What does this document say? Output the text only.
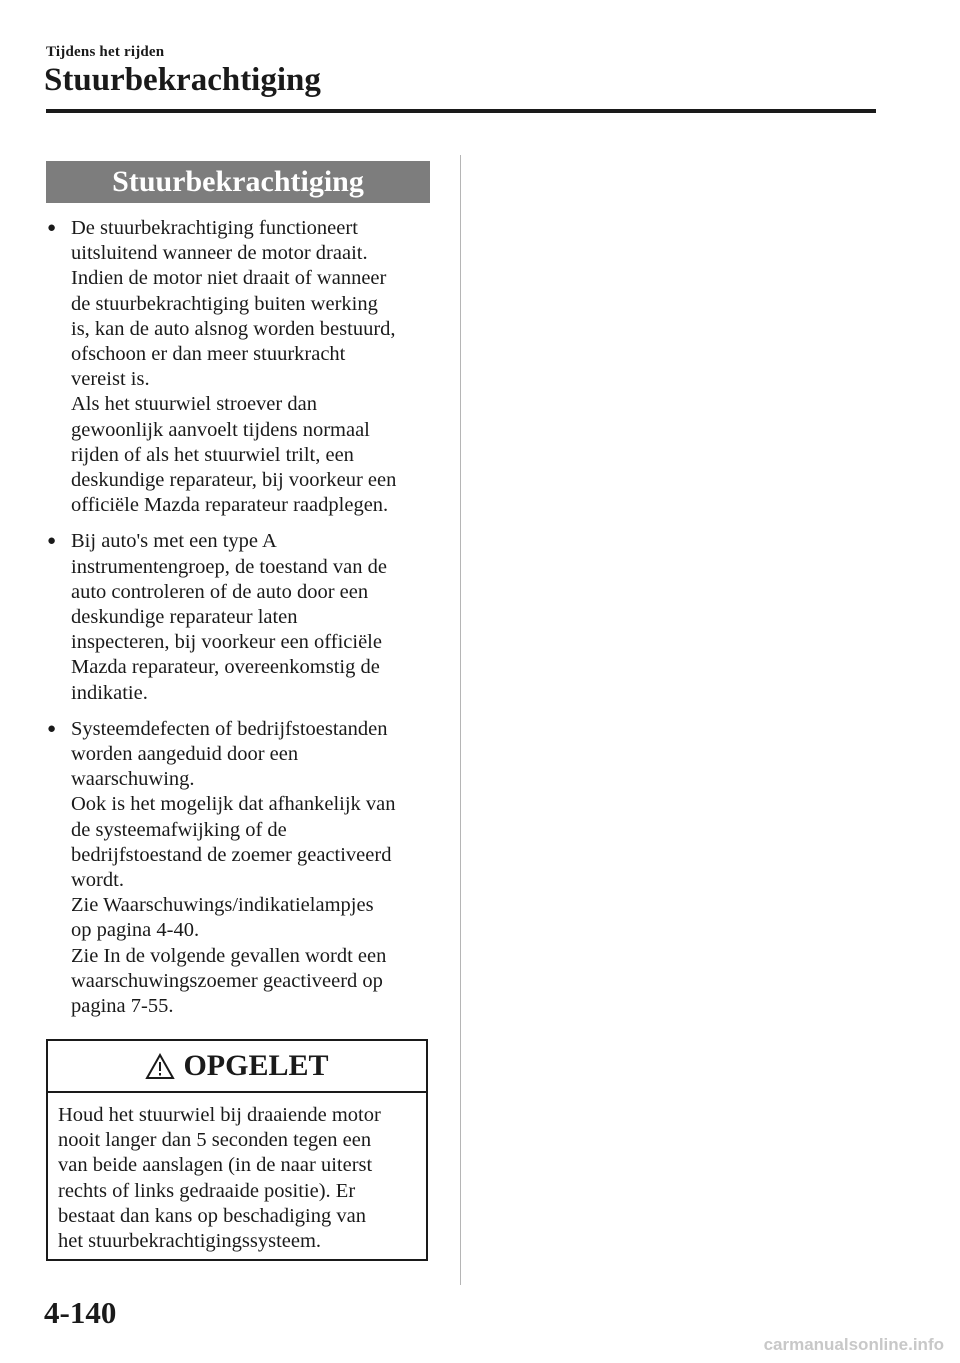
Tijdens het rijden
Stuurbekrachtiging
Stuurbekrachtiging
● De stuurbekrachtiging functioneert
uitsluitend wanneer de motor draait.
Indien de motor niet draait of wanneer
de stuurbekrachtiging buiten werking
is, kan de auto alsnog worden bestuurd,
ofschoon er dan meer stuurkracht
vereist is.
Als het stuurwiel stroever dan
gewoonlijk aanvoelt tijdens normaal
rijden of als het stuurwiel trilt, een
deskundige reparateur, bij voorkeur een
officiële Mazda reparateur raadplegen.
● Bij auto's met een type A
instrumentengroep, de toestand van de
auto controleren of de auto door een
deskundige reparateur laten
inspecteren, bij voorkeur een officiële
Mazda reparateur, overeenkomstig de
indikatie.
● Systeemdefecten of bedrijfstoestanden
worden aangeduid door een
waarschuwing.
Ook is het mogelijk dat afhankelijk van
de systeemafwijking of de
bedrijfstoestand de zoemer geactiveerd
wordt.
Zie Waarschuwings/indikatielampjes
op pagina 4-40.
Zie In de volgende gevallen wordt een
waarschuwingszoemer geactiveerd op
pagina 7-55.
OPGELET
Houd het stuurwiel bij draaiende motor
nooit langer dan 5 seconden tegen een
van beide aanslagen (in de naar uiterst
rechts of links gedraaide positie). Er
bestaat dan kans op beschadiging van
het stuurbekrachtigingssysteem.
4-140
carmanualsonline.info
